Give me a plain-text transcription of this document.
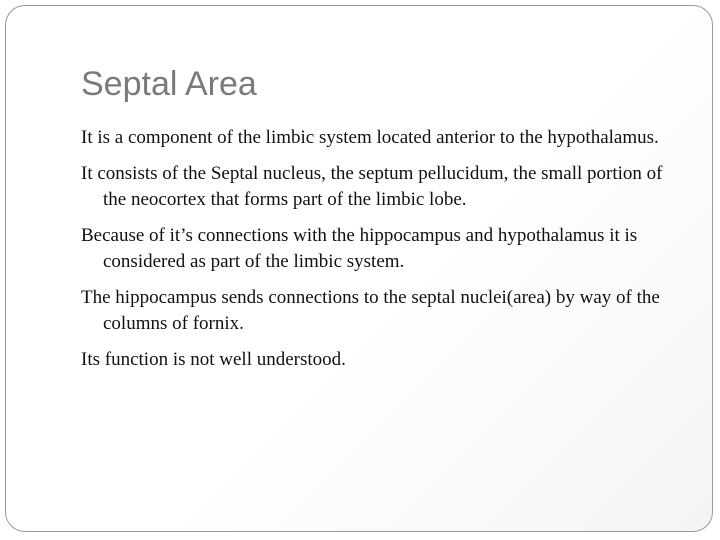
Septal Area
It is a component of the limbic system located anterior to the hypothalamus.
It consists of the Septal nucleus, the septum pellucidum, the small portion of the neocortex that forms part of the limbic lobe.
Because of it’s connections with the hippocampus and hypothalamus it is considered as part of the limbic system.
The hippocampus sends connections to the septal nuclei(area) by way of the columns of fornix.
Its function is not well understood.
